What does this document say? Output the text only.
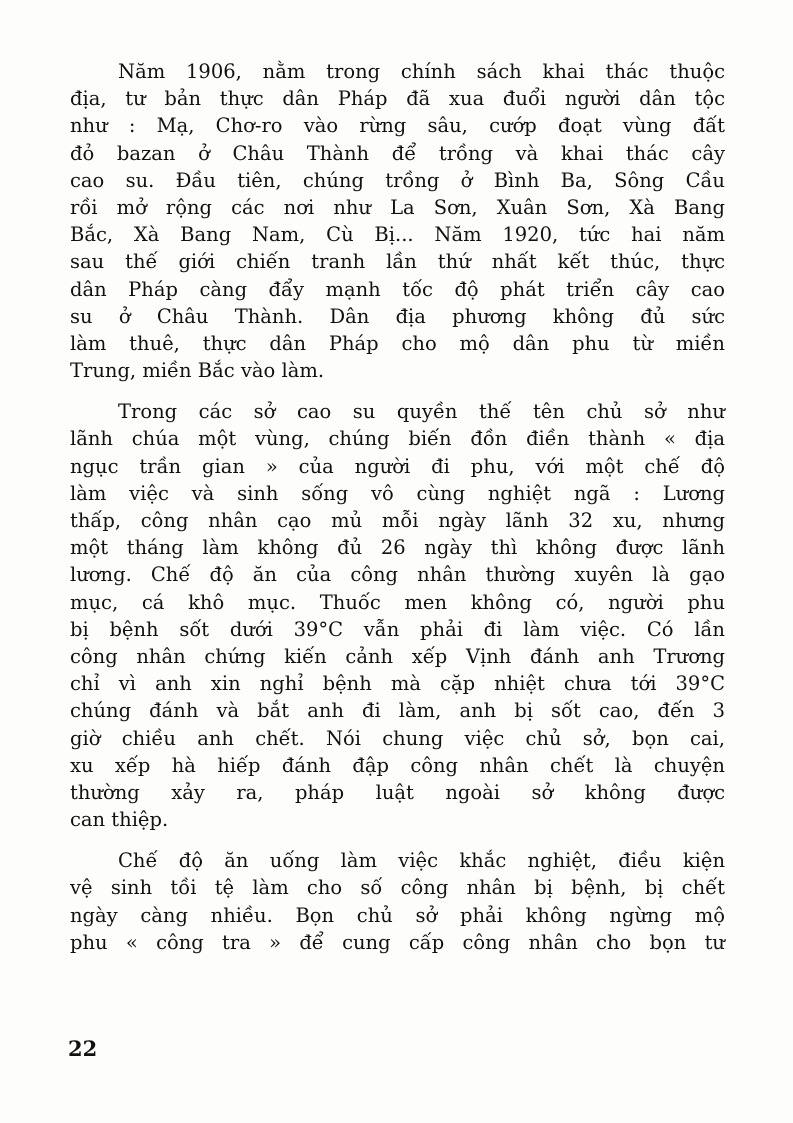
Năm 1906, nằm trong chính sách khai thác thuộc
địa, tư bản thực dân Pháp đã xua đuổi người dân tộc
như : Mạ, Chơ-ro vào rừng sâu, cướp đoạt vùng đất
đỏ bazan ở Châu Thành để trồng và khai thác cây
cao su. Đầu tiên, chúng trồng ở Bình Ba, Sông Cầu
rồi mở rộng các nơi như La Sơn, Xuân Sơn, Xà Bang
Bắc, Xà Bang Nam, Cù Bị... Năm 1920, tức hai năm
sau thế giới chiến tranh lần thứ nhất kết thúc, thực
dân Pháp càng đẩy mạnh tốc độ phát triển cây cao
su ở Châu Thành. Dân địa phương không đủ sức
làm thuê, thực dân Pháp cho mộ dân phu từ miền
Trung, miền Bắc vào làm.
Trong các sở cao su quyền thế tên chủ sở như
lãnh chúa một vùng, chúng biến đồn điền thành « địa
ngục trần gian » của người đi phu, với một chế độ
làm việc và sinh sống vô cùng nghiệt ngã : Lương
thấp, công nhân cạo mủ mỗi ngày lãnh 32 xu, nhưng
một tháng làm không đủ 26 ngày thì không được lãnh
lương. Chế độ ăn của công nhân thường xuyên là gạo
mục, cá khô mục. Thuốc men không có, người phu
bị bệnh sốt dưới 39°C vẫn phải đi làm việc. Có lần
công nhân chứng kiến cảnh xếp Vịnh đánh anh Trương
chỉ vì anh xin nghỉ bệnh mà cặp nhiệt chưa tới 39°C
chúng đánh và bắt anh đi làm, anh bị sốt cao, đến 3
giờ chiều anh chết. Nói chung việc chủ sở, bọn cai,
xu xếp hà hiếp đánh đập công nhân chết là chuyện
thường xảy ra, pháp luật ngoài sở không được
can thiệp.
Chế độ ăn uống làm việc khắc nghiệt, điều kiện
vệ sinh tồi tệ làm cho số công nhân bị bệnh, bị chết
ngày càng nhiều. Bọn chủ sở phải không ngừng mộ
phu « công tra » để cung cấp công nhân cho bọn tư
22
